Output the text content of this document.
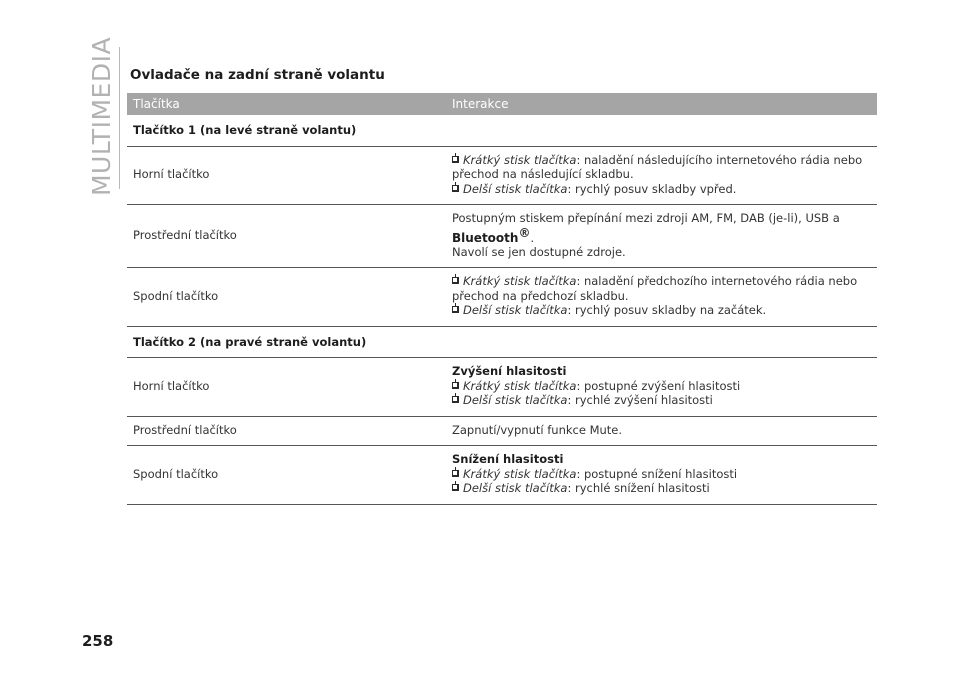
MULTIMEDIA Ovladače na zadní straně volantu
Tlačítka	Interakce
Tlačítko 1 (na levé straně volantu)	
Horní tlačítko	Krátký stisk tlačítka: naladění následujícího internetového rádia nebo přechod na následující skladbu.
Delší stisk tlačítka: rychlý posuv skladby vpřed.

Prostřední tlačítko	Postupným stiskem přepínání mezi zdroji AM, FM, DAB (je-li), USB a
Bluetooth®.
Navolí se jen dostupné zdroje.
Spodní tlačítko	Krátký stisk tlačítka: naladění předchozího internetového rádia nebo přechod na předchozí skladbu.
Delší stisk tlačítka: rychlý posuv skladby na začátek.

Tlačítko 2 (na pravé straně volantu)	
Horní tlačítko	Zvýšení hlasitosti
Krátký stisk tlačítka: postupné zvýšení hlasitosti
Delší stisk tlačítka: rychlé zvýšení hlasitosti

Prostřední tlačítko	Zapnutí/vypnutí funkce Mute.
Spodní tlačítko	Snížení hlasitosti
Krátký stisk tlačítka: postupné snížení hlasitosti
Delší stisk tlačítka: rychlé snížení hlasitosti
258
